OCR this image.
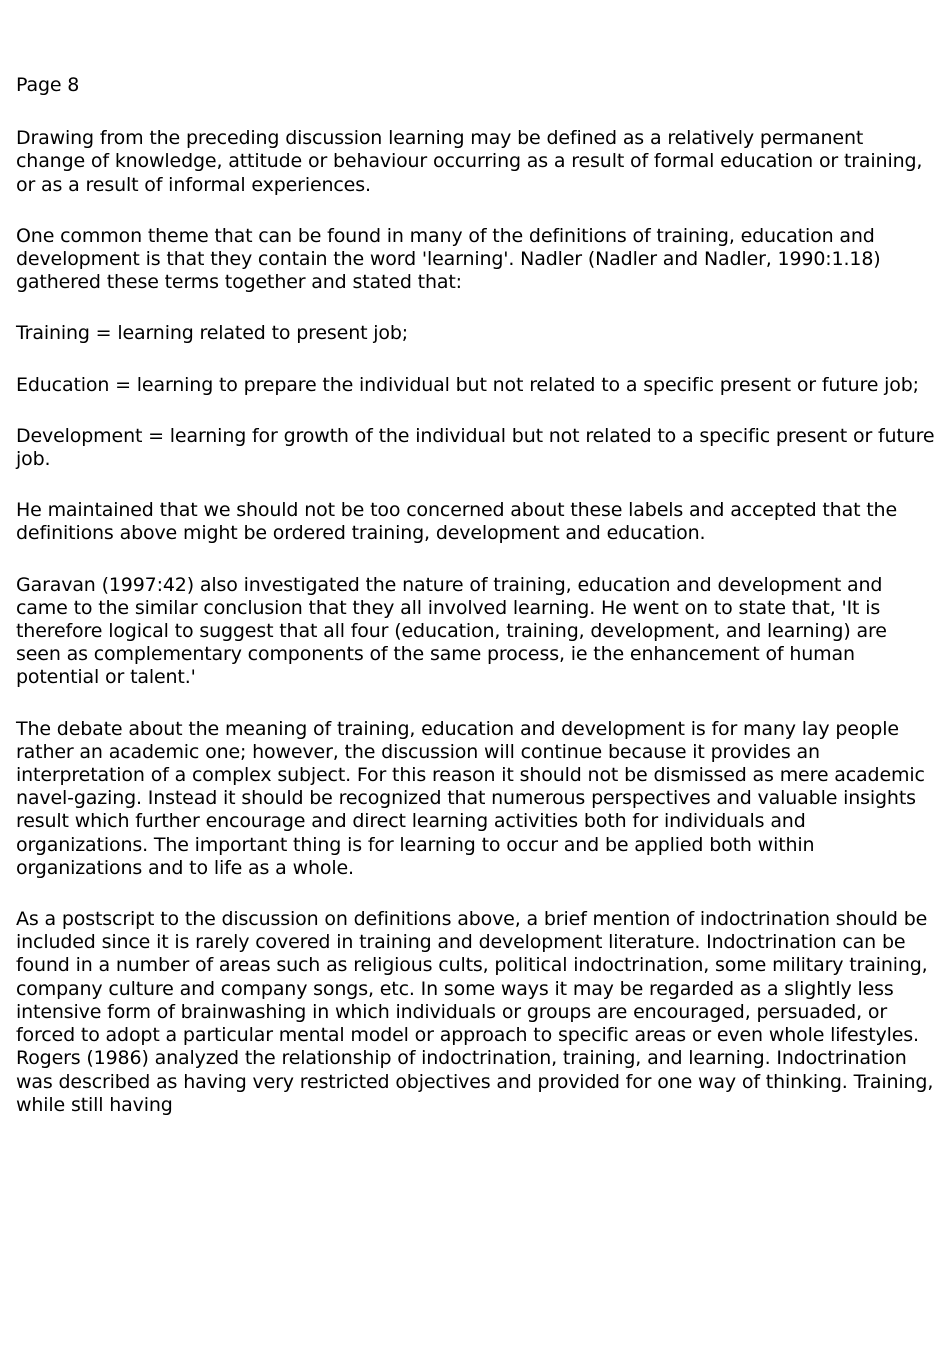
Page 8

Drawing from the preceding discussion learning may be defined as a relatively permanent change of knowledge, attitude or behaviour occurring as a result of formal education or training, or as a result of informal experiences.

One common theme that can be found in many of the definitions of training, education and development is that they contain the word 'learning'. Nadler (Nadler and Nadler, 1990:1.18) gathered these terms together and stated that:

Training = learning related to present job;

Education = learning to prepare the individual but not related to a specific present or future job;

Development = learning for growth of the individual but not related to a specific present or future job.

He maintained that we should not be too concerned about these labels and accepted that the definitions above might be ordered training, development and education.

Garavan (1997:42) also investigated the nature of training, education and development and came to the similar conclusion that they all involved learning. He went on to state that, 'It is therefore logical to suggest that all four (education, training, development, and learning) are seen as complementary components of the same process, ie the enhancement of human potential or talent.'

The debate about the meaning of training, education and development is for many lay people rather an academic one; however, the discussion will continue because it provides an interpretation of a complex subject. For this reason it should not be dismissed as mere academic navel-gazing. Instead it should be recognized that numerous perspectives and valuable insights result which further encourage and direct learning activities both for individuals and organizations. The important thing is for learning to occur and be applied both within organizations and to life as a whole.

As a postscript to the discussion on definitions above, a brief mention of indoctrination should be included since it is rarely covered in training and development literature. Indoctrination can be found in a number of areas such as religious cults, political indoctrination, some military training, company culture and company songs, etc. In some ways it may be regarded as a slightly less intensive form of brainwashing in which individuals or groups are encouraged, persuaded, or forced to adopt a particular mental model or approach to specific areas or even whole lifestyles. Rogers (1986) analyzed the relationship of indoctrination, training, and learning. Indoctrination was described as having very restricted objectives and provided for one way of thinking. Training, while still having
